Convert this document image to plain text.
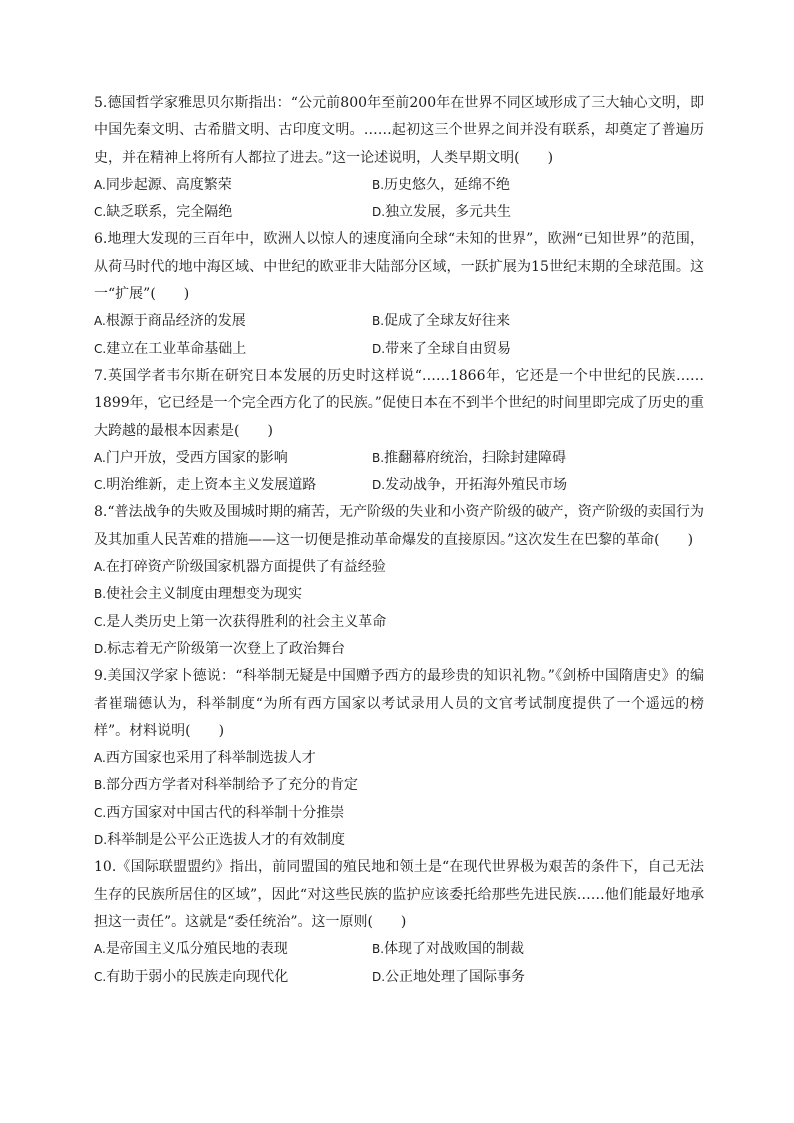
5.德国哲学家雅思贝尔斯指出：“公元前800年至前200年在世界不同区域形成了三大轴心文明，即中国先秦文明、古希腊文明、古印度文明。……起初这三个世界之间并没有联系，却奠定了普遍历史，并在精神上将所有人都拉了进去。”这一论述说明，人类早期文明(　　)

A.同步起源、高度繁荣	B.历史悠久，延绵不绝
C.缺乏联系，完全隔绝	D.独立发展，多元共生

6.地理大发现的三百年中，欧洲人以惊人的速度涌向全球“未知的世界”，欧洲“已知世界”的范围，从荷马时代的地中海区域、中世纪的欧亚非大陆部分区域，一跃扩展为15世纪末期的全球范围。这一“扩展”(　　)

A.根源于商品经济的发展	B.促成了全球友好往来
C.建立在工业革命基础上	D.带来了全球自由贸易

7.英国学者韦尔斯在研究日本发展的历史时这样说“……1866年，它还是一个中世纪的民族……1899年，它已经是一个完全西方化了的民族。”促使日本在不到半个世纪的时间里即完成了历史的重大跨越的最根本因素是(　　)

A.门户开放，受西方国家的影响	B.推翻幕府统治，扫除封建障碍
C.明治维新，走上资本主义发展道路	D.发动战争，开拓海外殖民市场

8.“普法战争的失败及围城时期的痛苦，无产阶级的失业和小资产阶级的破产，资产阶级的卖国行为及其加重人民苦难的措施——这一切便是推动革命爆发的直接原因。”这次发生在巴黎的革命(　　)

A.在打碎资产阶级国家机器方面提供了有益经验
B.使社会主义制度由理想变为现实
C.是人类历史上第一次获得胜利的社会主义革命
D.标志着无产阶级第一次登上了政治舞台

9.美国汉学家卜德说：“科举制无疑是中国赠予西方的最珍贵的知识礼物。”《剑桥中国隋唐史》的编者崔瑞德认为，科举制度“为所有西方国家以考试录用人员的文官考试制度提供了一个遥远的榜样”。材料说明(　　)

A.西方国家也采用了科举制选拔人才
B.部分西方学者对科举制给予了充分的肯定
C.西方国家对中国古代的科举制十分推崇
D.科举制是公平公正选拔人才的有效制度

10.《国际联盟盟约》指出，前同盟国的殖民地和领土是“在现代世界极为艰苦的条件下，自己无法生存的民族所居住的区域”，因此“对这些民族的监护应该委托给那些先进民族……他们能最好地承担这一责任”。这就是“委任统治”。这一原则(　　)

A.是帝国主义瓜分殖民地的表现	B.体现了对战败国的制裁
C.有助于弱小的民族走向现代化	D.公正地处理了国际事务
